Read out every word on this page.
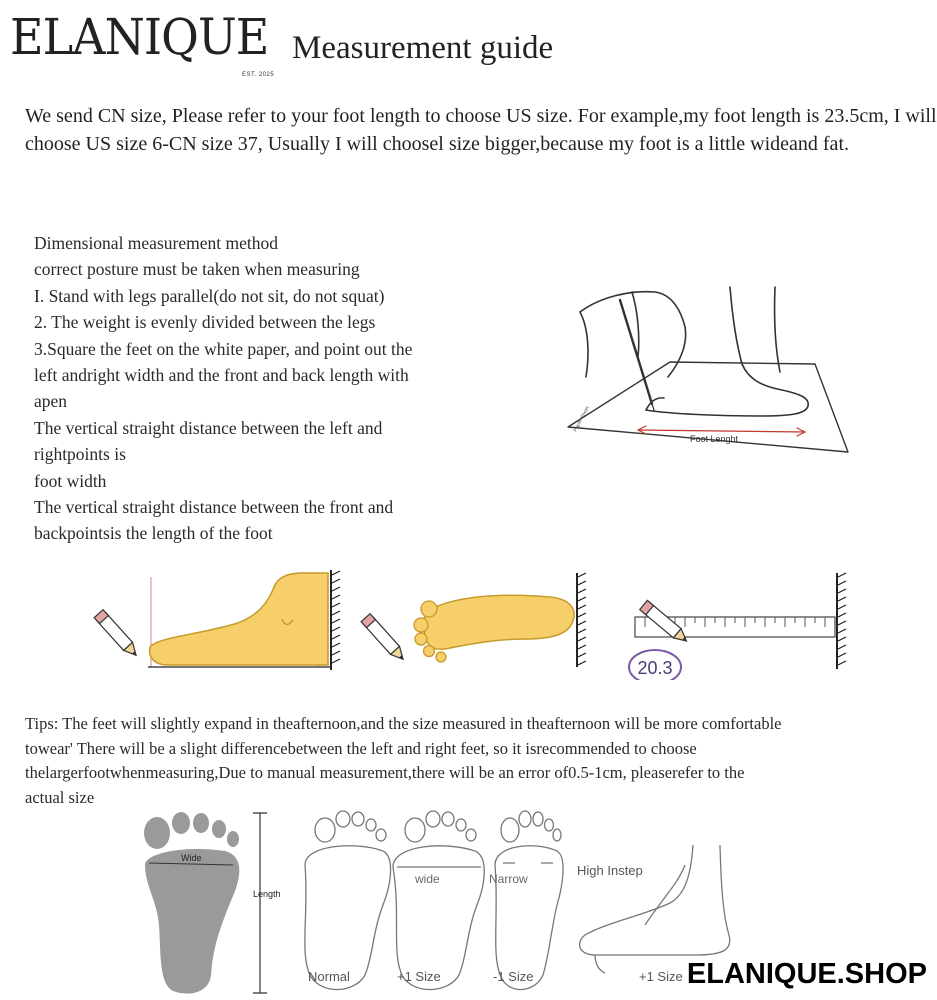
ELANIQUE
EST. 2025
Measurement guide
We send CN size, Please refer to your foot length to choose US size. For example,my foot length is 23.5cm, I will choose US size 6-CN size 37, Usually I will choosel size bigger,because my foot is a little wideand fat.

Dimensional measurement method

correct posture must be taken when measuring

I. Stand with legs parallel(do not sit, do not squat)

2. The weight is evenly divided between the legs

3.Square the feet on the white paper, and point out the

left andright width and the front and back length with

apen

The vertical straight distance between the left and

rightpoints is

foot width

The vertical straight distance between the front and

backpointsis the length of the foot

Foot Lenght
Paper Sheet
20.3

Tips: The feet will slightly expand in theafternoon,and the size measured in theafternoon will be more comfortable

towear' There will be a slight differencebetween the left and right feet, so it isrecommended to choose

thelargerfootwhenmeasuring,Due to manual measurement,there will be an error of0.5-1cm, pleaserefer to the

actual size

Wide
Length
wide	Narrow
High Instep
Normal	+1 Size	-1 Size	+1 Size ELANIQUE.SHOP
